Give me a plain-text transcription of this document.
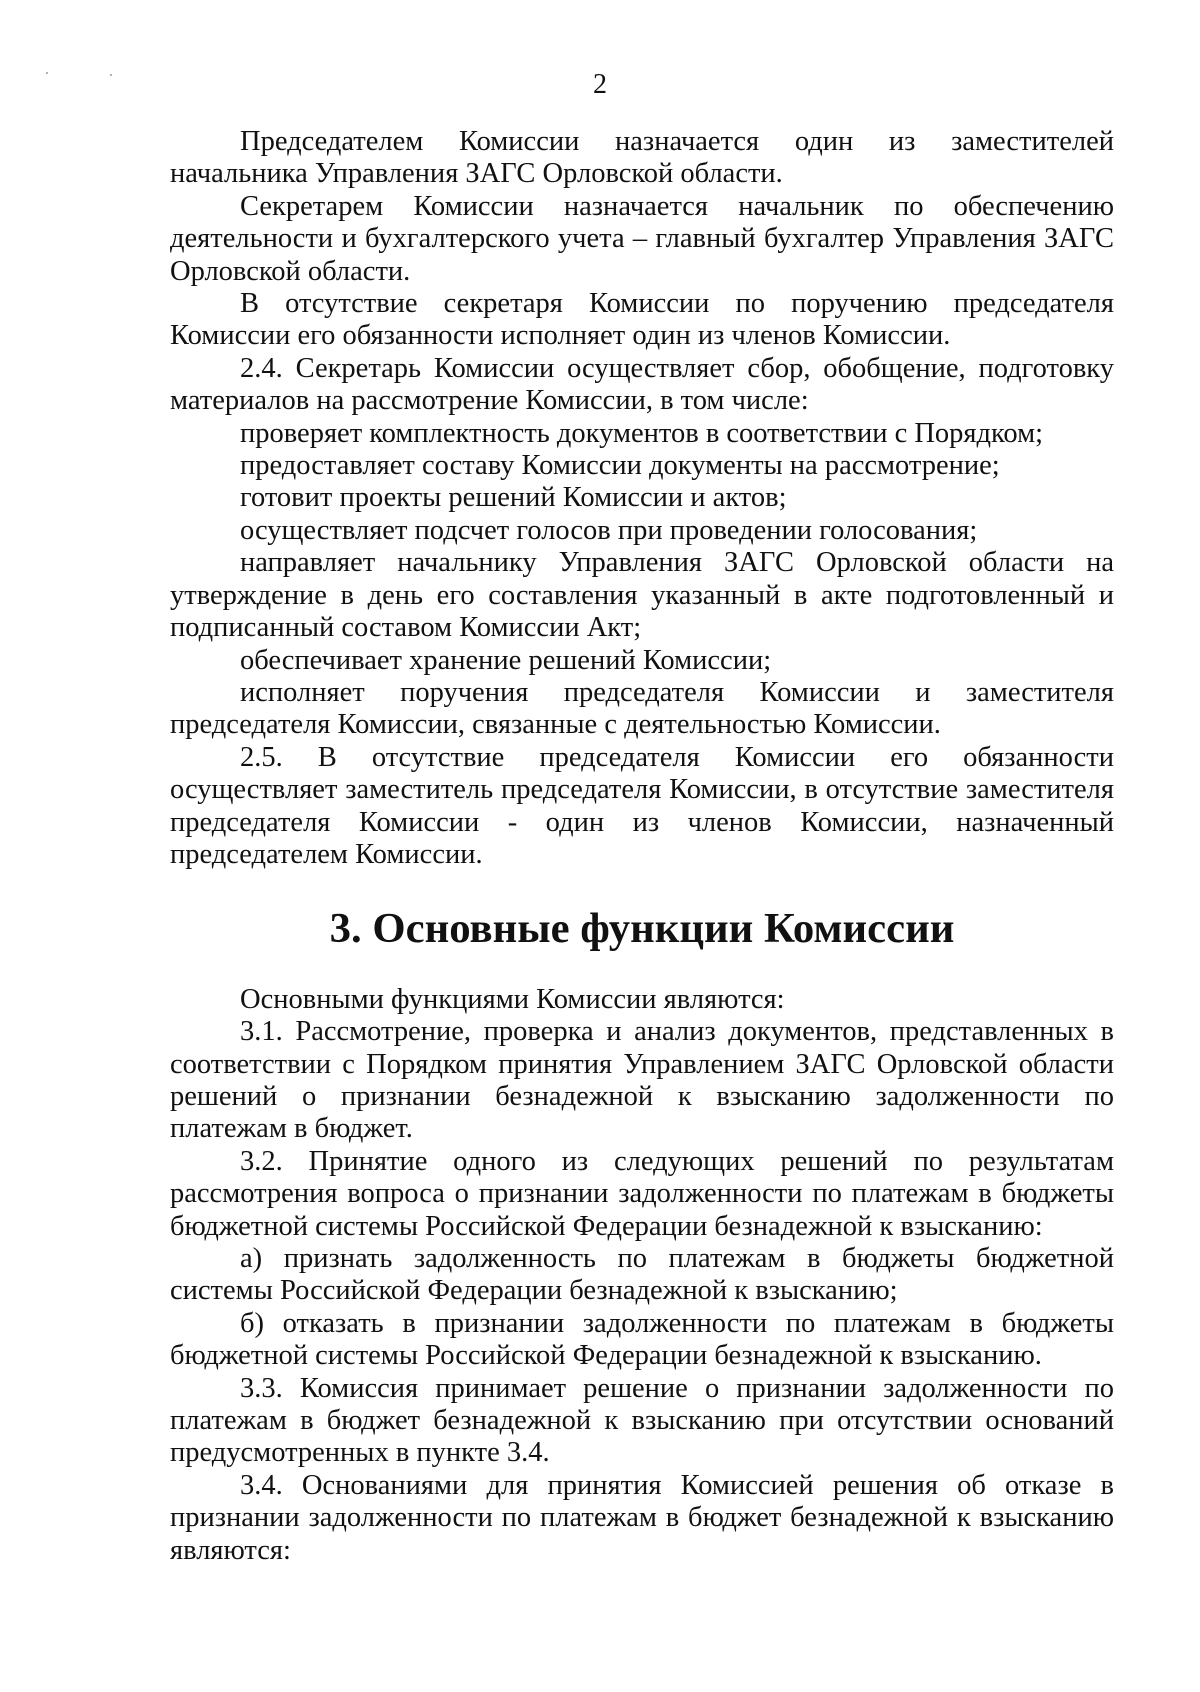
2

Председателем Комиссии назначается один из заместителей начальника Управления ЗАГС Орловской области.

Секретарем Комиссии назначается начальник по обеспечению деятельности и бухгалтерского учета – главный бухгалтер Управления ЗАГС Орловской области.

В отсутствие секретаря Комиссии по поручению председателя Комиссии его обязанности исполняет один из членов Комиссии.

2.4. Секретарь Комиссии осуществляет сбор, обобщение, подготовку материалов на рассмотрение Комиссии, в том числе:

проверяет комплектность документов в соответствии с Порядком;

предоставляет составу Комиссии документы на рассмотрение;

готовит проекты решений Комиссии и актов;

осуществляет подсчет голосов при проведении голосования;

направляет начальнику Управления ЗАГС Орловской области на утверждение в день его составления указанный в акте подготовленный и подписанный составом Комиссии Акт;

обеспечивает хранение решений Комиссии;

исполняет поручения председателя Комиссии и заместителя председателя Комиссии, связанные с деятельностью Комиссии.

2.5. В отсутствие председателя Комиссии его обязанности осуществляет заместитель председателя Комиссии, в отсутствие заместителя председателя Комиссии - один из членов Комиссии, назначенный председателем Комиссии.

3. Основные функции Комиссии

Основными функциями Комиссии являются:

3.1. Рассмотрение, проверка и анализ документов, представленных в соответствии с Порядком принятия Управлением ЗАГС Орловской области решений о признании безнадежной к взысканию задолженности по платежам в бюджет.

3.2. Принятие одного из следующих решений по результатам рассмотрения вопроса о признании задолженности по платежам в бюджеты бюджетной системы Российской Федерации безнадежной к взысканию:

а) признать задолженность по платежам в бюджеты бюджетной системы Российской Федерации безнадежной к взысканию;

б) отказать в признании задолженности по платежам в бюджеты бюджетной системы Российской Федерации безнадежной к взысканию.

3.3. Комиссия принимает решение о признании задолженности по платежам в бюджет безнадежной к взысканию при отсутствии оснований предусмотренных в пункте 3.4.

3.4. Основаниями для принятия Комиссией решения об отказе в признании задолженности по платежам в бюджет безнадежной к взысканию являются:
